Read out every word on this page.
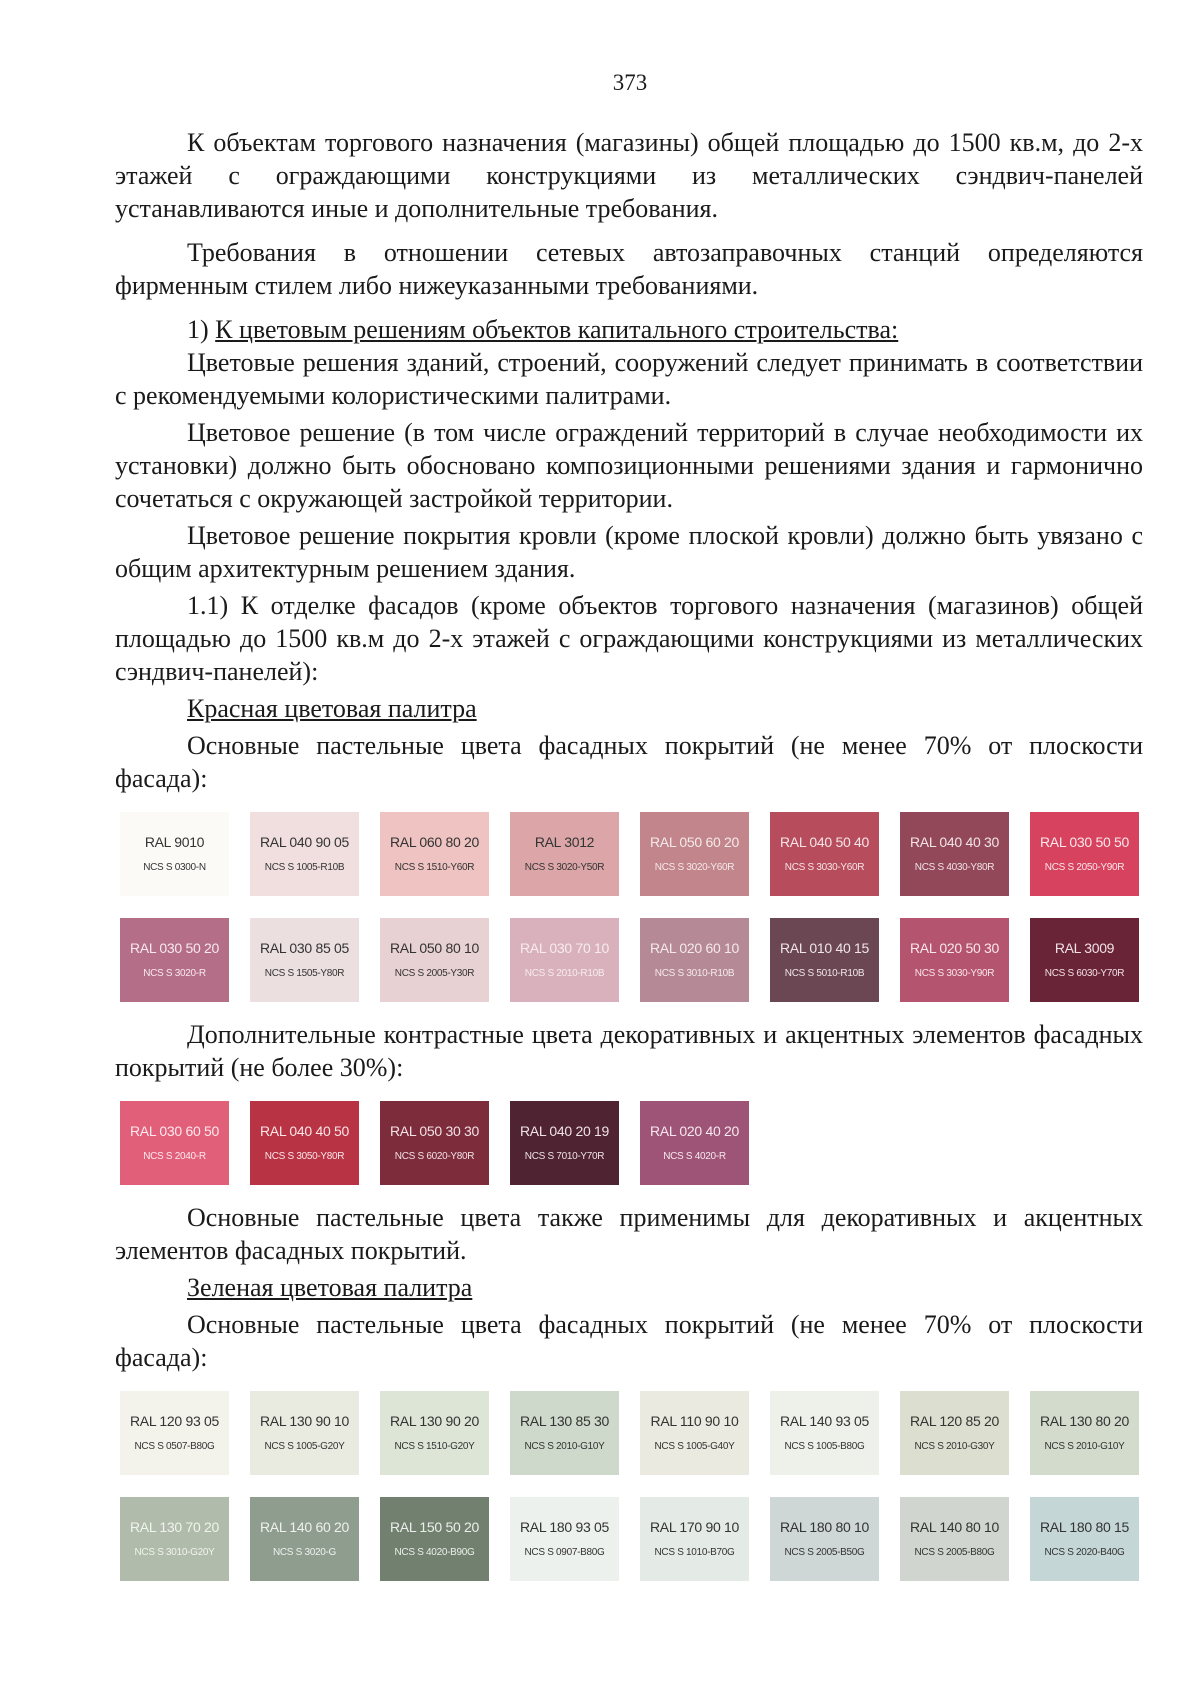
373

К объектам торгового назначения (магазины) общей площадью до 1500 кв.м, до 2-х этажей с ограждающими конструкциями из металлических сэндвич-панелей устанавливаются иные и дополнительные требования.

Требования в отношении сетевых автозаправочных станций определяются фирменным стилем либо нижеуказанными требованиями.

1) К цветовым решениям объектов капитального строительства:

Цветовые решения зданий, строений, сооружений следует принимать в соответствии с рекомендуемыми колористическими палитрами.

Цветовое решение (в том числе ограждений территорий в случае необходимости их установки) должно быть обосновано композиционными решениями здания и гармонично сочетаться с окружающей застройкой территории.

Цветовое решение покрытия кровли (кроме плоской кровли) должно быть увязано с общим архитектурным решением здания.

1.1) К отделке фасадов (кроме объектов торгового назначения (магазинов) общей площадью до 1500 кв.м до 2-х этажей с ограждающими конструкциями из металлических сэндвич-панелей):

Красная цветовая палитра

Основные пастельные цвета фасадных покрытий (не менее 70% от плоскости фасада):

RAL 9010
NCS S 0300-N
RAL 040 90 05
NCS S 1005-R10B
RAL 060 80 20
NCS S 1510-Y60R
RAL 3012
NCS S 3020-Y50R
RAL 050 60 20
NCS S 3020-Y60R
RAL 040 50 40
NCS S 3030-Y60R
RAL 040 40 30
NCS S 4030-Y80R
RAL 030 50 50
NCS S 2050-Y90R
RAL 030 50 20
NCS S 3020-R
RAL 030 85 05
NCS S 1505-Y80R
RAL 050 80 10
NCS S 2005-Y30R
RAL 030 70 10
NCS S 2010-R10B
RAL 020 60 10
NCS S 3010-R10B
RAL 010 40 15
NCS S 5010-R10B
RAL 020 50 30
NCS S 3030-Y90R
RAL 3009
NCS S 6030-Y70R

Дополнительные контрастные цвета декоративных и акцентных элементов фасадных покрытий (не более 30%):

RAL 030 60 50
NCS S 2040-R
RAL 040 40 50
NCS S 3050-Y80R
RAL 050 30 30
NCS S 6020-Y80R
RAL 040 20 19
NCS S 7010-Y70R
RAL 020 40 20
NCS S 4020-R

Основные пастельные цвета также применимы для декоративных и акцентных элементов фасадных покрытий.

Зеленая цветовая палитра

Основные пастельные цвета фасадных покрытий (не менее 70% от плоскости фасада):

RAL 120 93 05
NCS S 0507-B80G
RAL 130 90 10
NCS S 1005-G20Y
RAL 130 90 20
NCS S 1510-G20Y
RAL 130 85 30
NCS S 2010-G10Y
RAL 110 90 10
NCS S 1005-G40Y
RAL 140 93 05
NCS S 1005-B80G
RAL 120 85 20
NCS S 2010-G30Y
RAL 130 80 20
NCS S 2010-G10Y
RAL 130 70 20
NCS S 3010-G20Y
RAL 140 60 20
NCS S 3020-G
RAL 150 50 20
NCS S 4020-B90G
RAL 180 93 05
NCS S 0907-B80G
RAL 170 90 10
NCS S 1010-B70G
RAL 180 80 10
NCS S 2005-B50G
RAL 140 80 10
NCS S 2005-B80G
RAL 180 80 15
NCS S 2020-B40G
